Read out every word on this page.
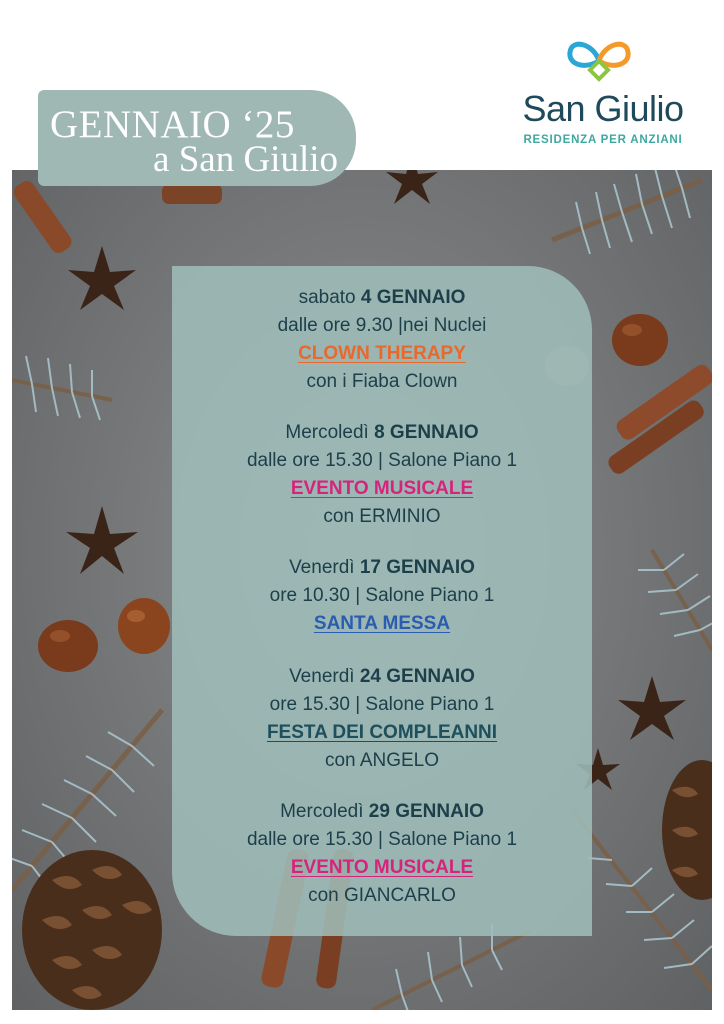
GENNAIO ‘25
a San Giulio
San Giulio
RESIDENZA PER ANZIANI
sabato 4 GENNAIO
dalle ore 9.30 |nei Nuclei
CLOWN THERAPY
con i Fiaba Clown
Mercoledì 8 GENNAIO
dalle ore 15.30 | Salone Piano 1
EVENTO MUSICALE
con ERMINIO
Venerdì 17 GENNAIO
ore 10.30 | Salone Piano 1
SANTA MESSA
Venerdì 24 GENNAIO
ore 15.30 | Salone Piano 1
FESTA DEI COMPLEANNI
con ANGELO
Mercoledì 29 GENNAIO
dalle ore 15.30 | Salone Piano 1
EVENTO MUSICALE
con GIANCARLO
